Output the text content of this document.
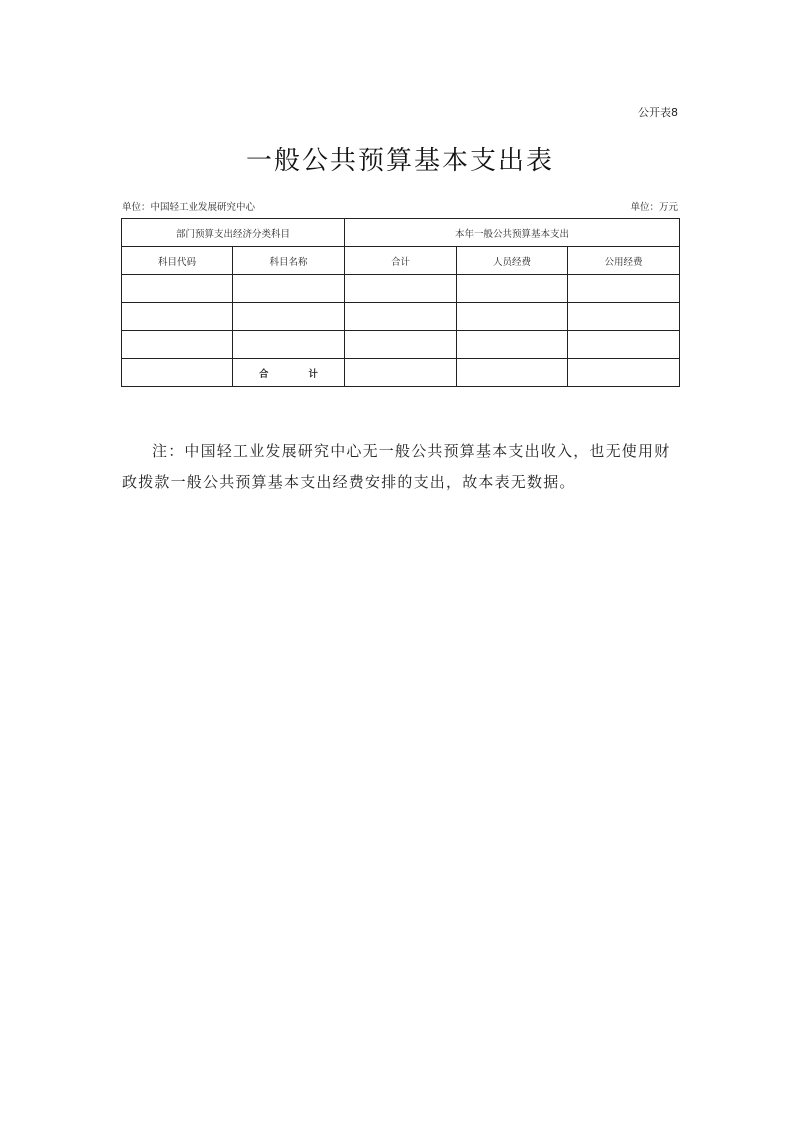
公开表8
一般公共预算基本支出表
单位：中国轻工业发展研究中心	单位：万元
部门预算支出经济分类科目		本年一般公共预算基本支出		
科目代码	科目名称	合计	人员经费	公用经费

	合 计			

注：中国轻工业发展研究中心无一般公共预算基本支出收入，也无使用财政拨款一般公共预算基本支出经费安排的支出，故本表无数据。
